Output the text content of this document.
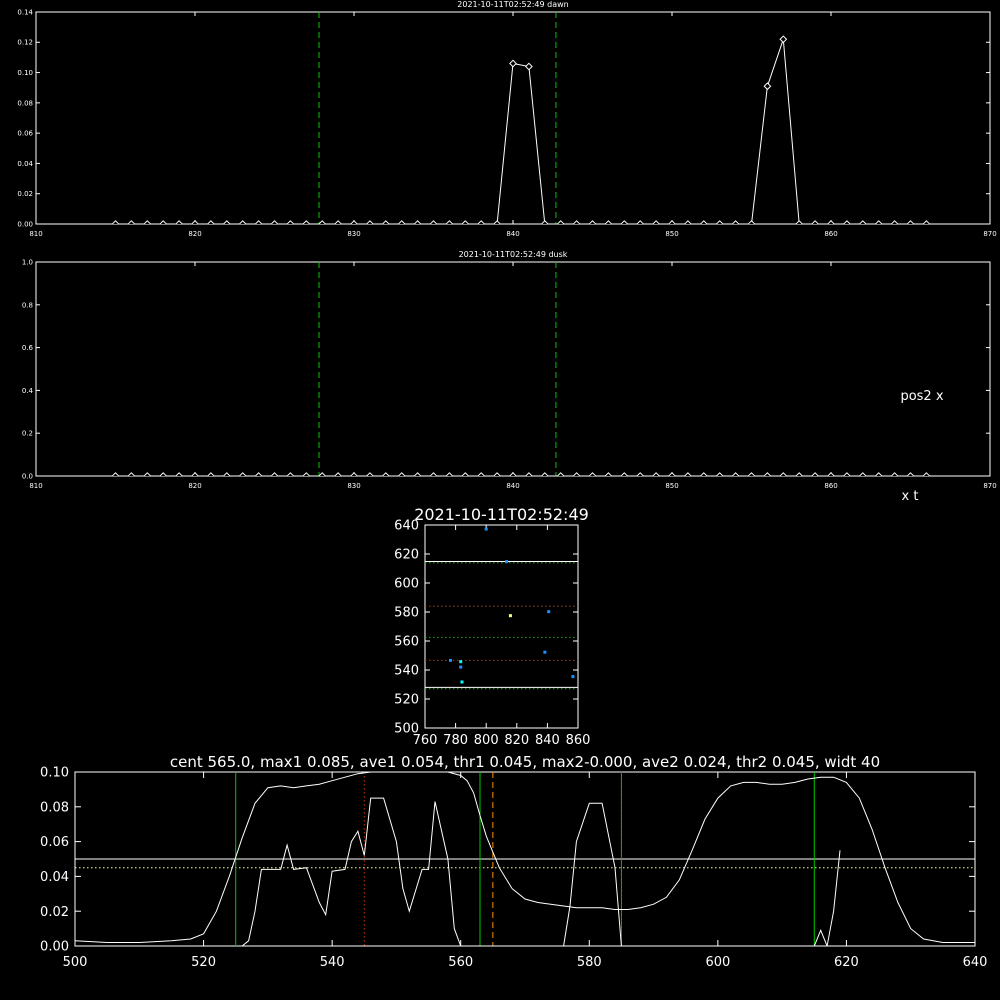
2021-10-11T02:52:49 dawn
810	820	830	840	850	860	870
0.00
0.02
0.04
0.06
0.08
0.10
0.12
0.14
2021-10-11T02:52:49 dusk
810	820	830	840	850	860	870
0.0
0.2
0.4
0.6
0.8
1.0
pos2 x
x t
2021-10-11T02:52:49
760 780 800 820 840 860
500
520
540
560
580
600
620
640
cent 565.0, max1 0.085, ave1 0.054, thr1 0.045, max2-0.000, ave2 0.024, thr2 0.045, widt 40
500	520	540	560	580	600	620	640
0.00
0.02
0.04
0.06
0.08
0.10
